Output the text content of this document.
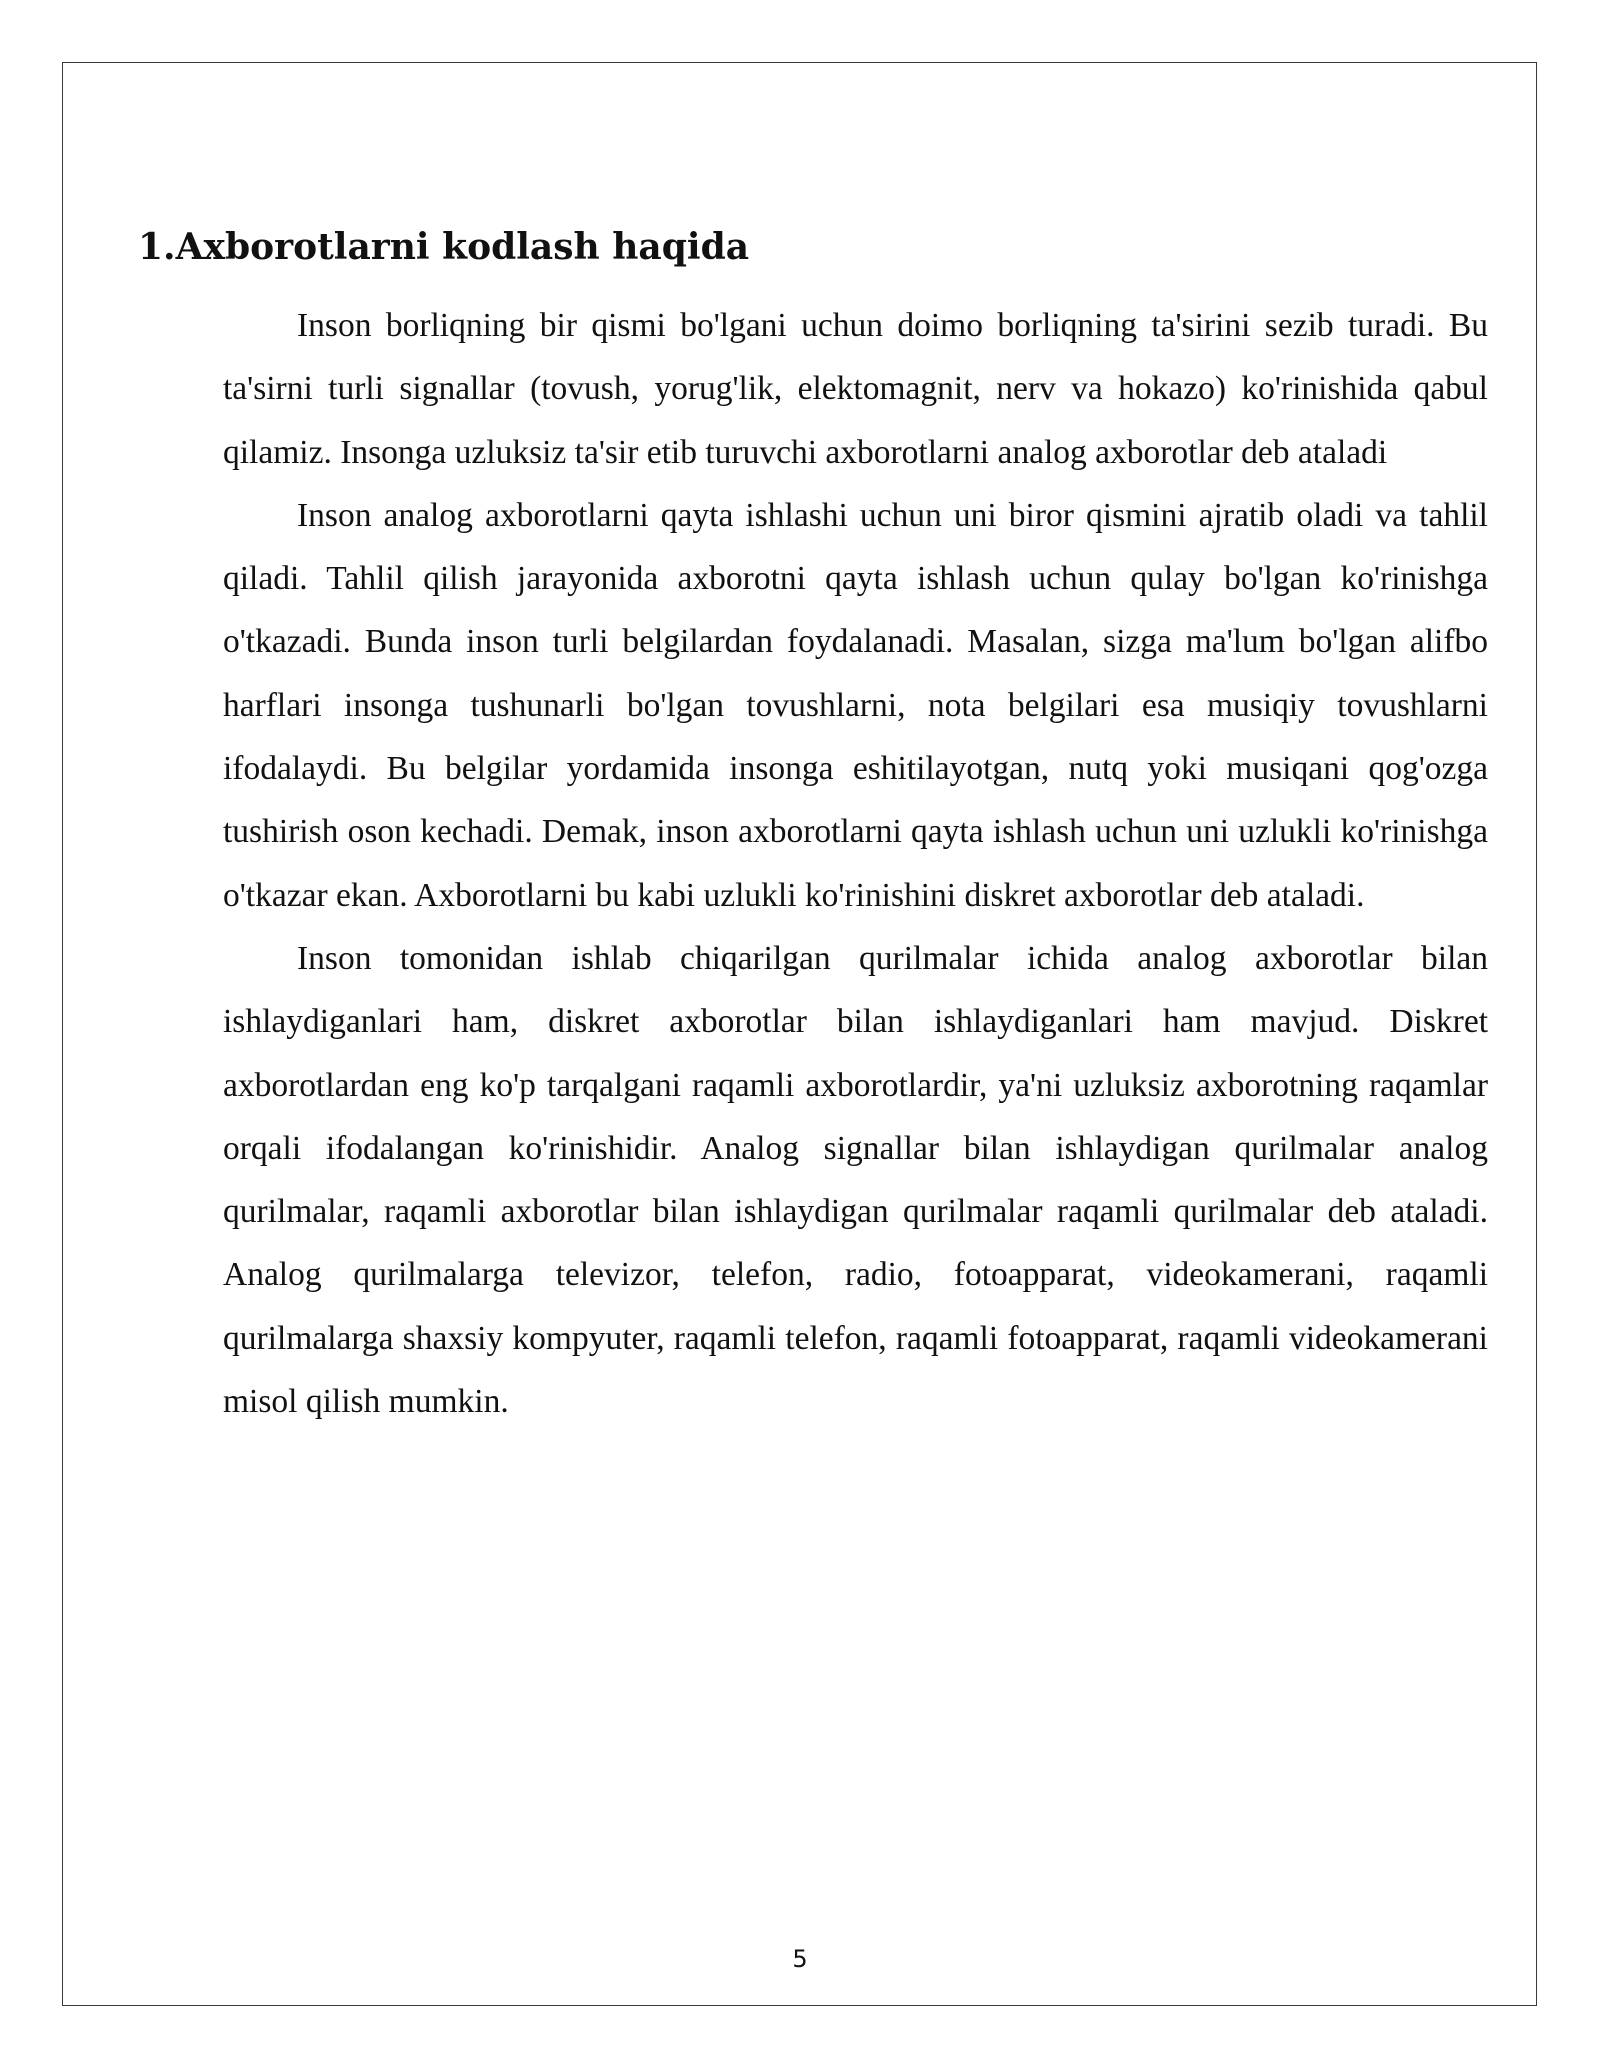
1.Axborotlarni kodlash haqida

Inson borliqning bir qismi bo'lgani uchun doimo borliqning ta'sirini sezib turadi. Bu ta'sirni turli signallar (tovush, yorug'lik, elektomagnit, nerv va hokazo) ko'rinishida qabul qilamiz. Insonga uzluksiz ta'sir etib turuvchi axborotlarni analog axborotlar deb ataladi

Inson analog axborotlarni qayta ishlashi uchun uni biror qismini ajratib oladi va tahlil qiladi. Tahlil qilish jarayonida axborotni qayta ishlash uchun qulay bo'lgan ko'rinishga o'tkazadi. Bunda inson turli belgilardan foydalanadi. Masalan, sizga ma'lum bo'lgan alifbo harflari insonga tushunarli bo'lgan tovushlarni, nota belgilari esa musiqiy tovushlarni ifodalaydi. Bu belgilar yordamida insonga eshitilayotgan, nutq yoki musiqani qog'ozga tushirish oson kechadi. Demak, inson axborotlarni qayta ishlash uchun uni uzlukli ko'rinishga o'tkazar ekan. Axborotlarni bu kabi uzlukli ko'rinishini diskret axborotlar deb ataladi.

Inson tomonidan ishlab chiqarilgan qurilmalar ichida analog axborotlar bilan ishlaydiganlari ham, diskret axborotlar bilan ishlaydiganlari ham mavjud. Diskret axborotlardan eng ko'p tarqalgani raqamli axborotlardir, ya'ni uzluksiz axborotning raqamlar orqali ifodalangan ko'rinishidir. Analog signallar bilan ishlaydigan qurilmalar analog qurilmalar, raqamli axborotlar bilan ishlaydigan qurilmalar raqamli qurilmalar deb ataladi. Analog qurilmalarga televizor, telefon, radio, fotoapparat, videokamerani, raqamli qurilmalarga shaxsiy kompyuter, raqamli telefon, raqamli fotoapparat, raqamli videokamerani misol qilish mumkin.

5
